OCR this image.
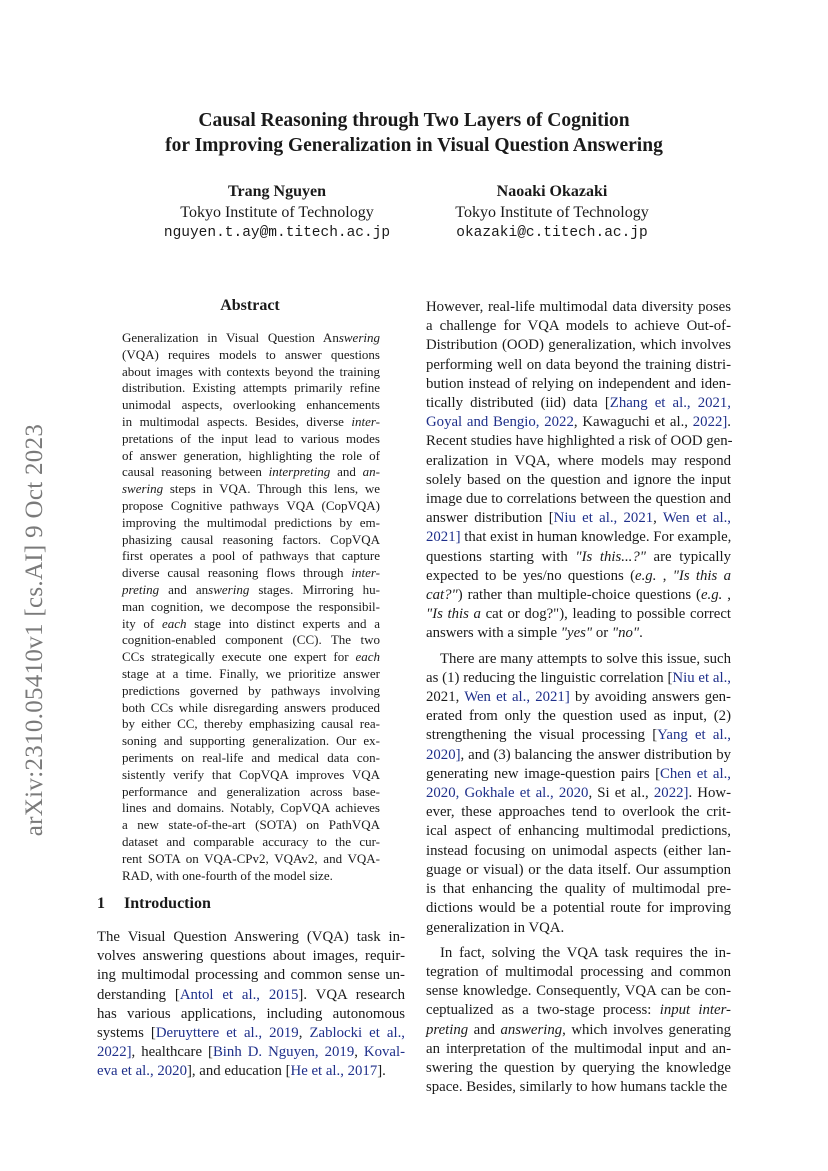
arXiv:2310.05410v1 [cs.AI] 9 Oct 2023
Causal Reasoning through Two Layers of Cognition
for Improving Generalization in Visual Question Answering
Trang Nguyen
Tokyo Institute of Technology
nguyen.t.ay@m.titech.ac.jp
Naoaki Okazaki
Tokyo Institute of Technology
okazaki@c.titech.ac.jp
Abstract
Generalization in Visual Question Answering
(VQA) requires models to answer questions
about images with contexts beyond the training
distribution. Existing attempts primarily refine
unimodal aspects, overlooking enhancements
in multimodal aspects. Besides, diverse inter-
pretations of the input lead to various modes
of answer generation, highlighting the role of
causal reasoning between interpreting and an-
swering steps in VQA. Through this lens, we
propose Cognitive pathways VQA (CopVQA)
improving the multimodal predictions by em-
phasizing causal reasoning factors. CopVQA
first operates a pool of pathways that capture
diverse causal reasoning flows through inter-
preting and answering stages. Mirroring hu-
man cognition, we decompose the responsibil-
ity of each stage into distinct experts and a
cognition-enabled component (CC). The two
CCs strategically execute one expert for each
stage at a time. Finally, we prioritize answer
predictions governed by pathways involving
both CCs while disregarding answers produced
by either CC, thereby emphasizing causal rea-
soning and supporting generalization. Our ex-
periments on real-life and medical data con-
sistently verify that CopVQA improves VQA
performance and generalization across base-
lines and domains. Notably, CopVQA achieves
a new state-of-the-art (SOTA) on PathVQA
dataset and comparable accuracy to the cur-
rent SOTA on VQA-CPv2, VQAv2, and VQA-
RAD, with one-fourth of the model size.
1 Introduction
The Visual Question Answering (VQA) task in-
volves answering questions about images, requir-
ing multimodal processing and common sense un-
derstanding [Antol et al., 2015]. VQA research
has various applications, including autonomous
systems [Deruyttere et al., 2019, Zablocki et al.,
2022], healthcare [Binh D. Nguyen, 2019, Koval-
eva et al., 2020], and education [He et al., 2017].
However, real-life multimodal data diversity poses
a challenge for VQA models to achieve Out-of-
Distribution (OOD) generalization, which involves
performing well on data beyond the training distri-
bution instead of relying on independent and iden-
tically distributed (iid) data [Zhang et al., 2021,
Goyal and Bengio, 2022, Kawaguchi et al., 2022].
Recent studies have highlighted a risk of OOD gen-
eralization in VQA, where models may respond
solely based on the question and ignore the input
image due to correlations between the question and
answer distribution [Niu et al., 2021, Wen et al.,
2021] that exist in human knowledge. For example,
questions starting with "Is this...?" are typically
expected to be yes/no questions (e.g. , "Is this a
cat?") rather than multiple-choice questions (e.g. ,
"Is this a cat or dog?"), leading to possible correct
answers with a simple "yes" or "no".
There are many attempts to solve this issue, such
as (1) reducing the linguistic correlation [Niu et al.,
2021, Wen et al., 2021] by avoiding answers gen-
erated from only the question used as input, (2)
strengthening the visual processing [Yang et al.,
2020], and (3) balancing the answer distribution by
generating new image-question pairs [Chen et al.,
2020, Gokhale et al., 2020, Si et al., 2022]. How-
ever, these approaches tend to overlook the crit-
ical aspect of enhancing multimodal predictions,
instead focusing on unimodal aspects (either lan-
guage or visual) or the data itself. Our assumption
is that enhancing the quality of multimodal pre-
dictions would be a potential route for improving
generalization in VQA.
In fact, solving the VQA task requires the in-
tegration of multimodal processing and common
sense knowledge. Consequently, VQA can be con-
ceptualized as a two-stage process: input inter-
preting and answering, which involves generating
an interpretation of the multimodal input and an-
swering the question by querying the knowledge
space. Besides, similarly to how humans tackle the
